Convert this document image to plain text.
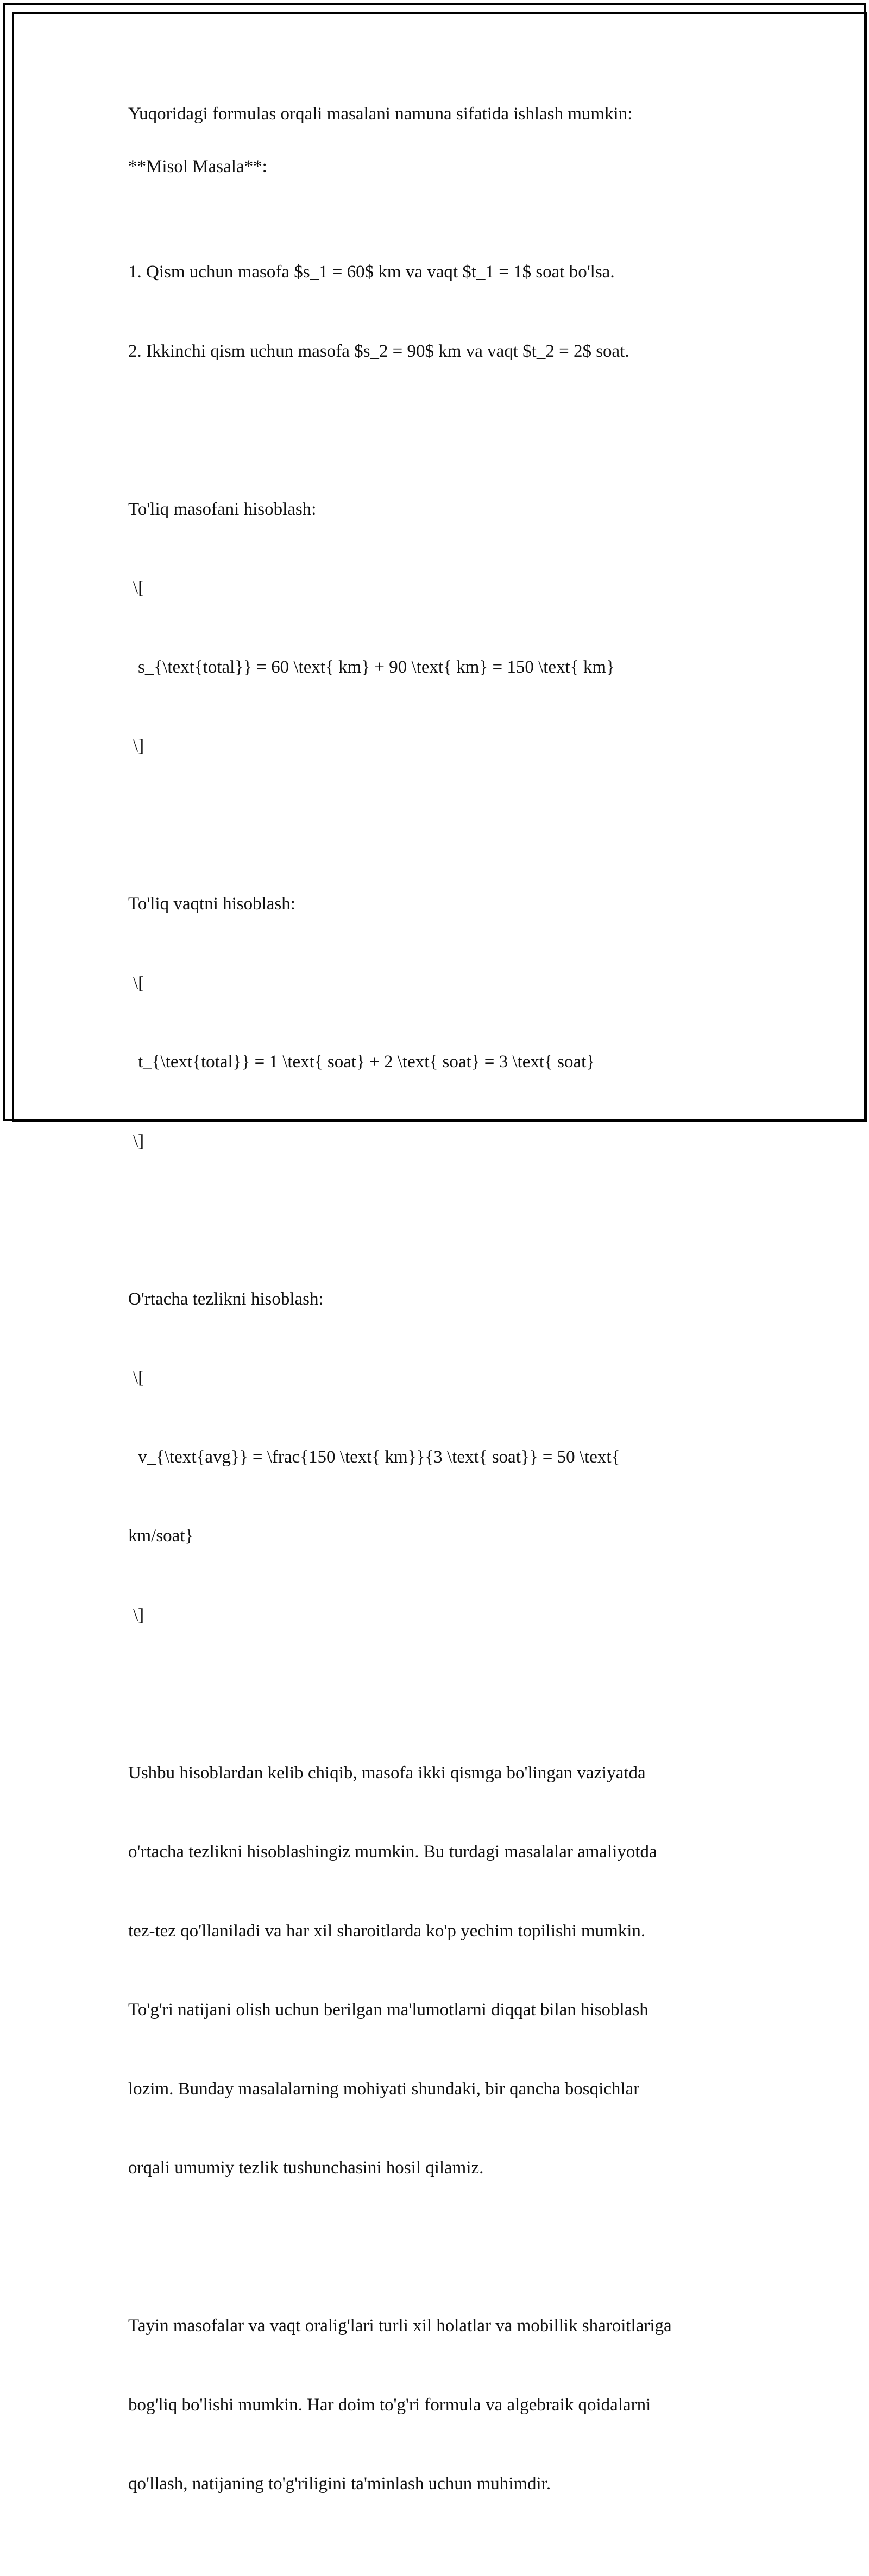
Yuqoridagi formulas orqali masalani namuna sifatida ishlash mumkin:

**Misol Masala**:

1. Qism uchun masofa $s_1 = 60$ km va vaqt $t_1 = 1$ soat bo'lsa.

2. Ikkinchi qism uchun masofa $s_2 = 90$ km va vaqt $t_2 = 2$ soat.

To'liq masofani hisoblash:

\[

s_{\text{total}} = 60 \text{ km} + 90 \text{ km} = 150 \text{ km}

\]

To'liq vaqtni hisoblash:

\[

t_{\text{total}} = 1 \text{ soat} + 2 \text{ soat} = 3 \text{ soat}

\]

O'rtacha tezlikni hisoblash:

\[

v_{\text{avg}} = \frac{150 \text{ km}}{3 \text{ soat}} = 50 \text{

km/soat}

\]

Ushbu hisoblardan kelib chiqib, masofa ikki qismga bo'lingan vaziyatda

o'rtacha tezlikni hisoblashingiz mumkin. Bu turdagi masalalar amaliyotda

tez-tez qo'llaniladi va har xil sharoitlarda ko'p yechim topilishi mumkin.

To'g'ri natijani olish uchun berilgan ma'lumotlarni diqqat bilan hisoblash

lozim. Bunday masalalarning mohiyati shundaki, bir qancha bosqichlar

orqali umumiy tezlik tushunchasini hosil qilamiz.

Tayin masofalar va vaqt oralig'lari turli xil holatlar va mobillik sharoitlariga

bog'liq bo'lishi mumkin. Har doim to'g'ri formula va algebraik qoidalarni

qo'llash, natijaning to'g'riligini ta'minlash uchun muhimdir.
